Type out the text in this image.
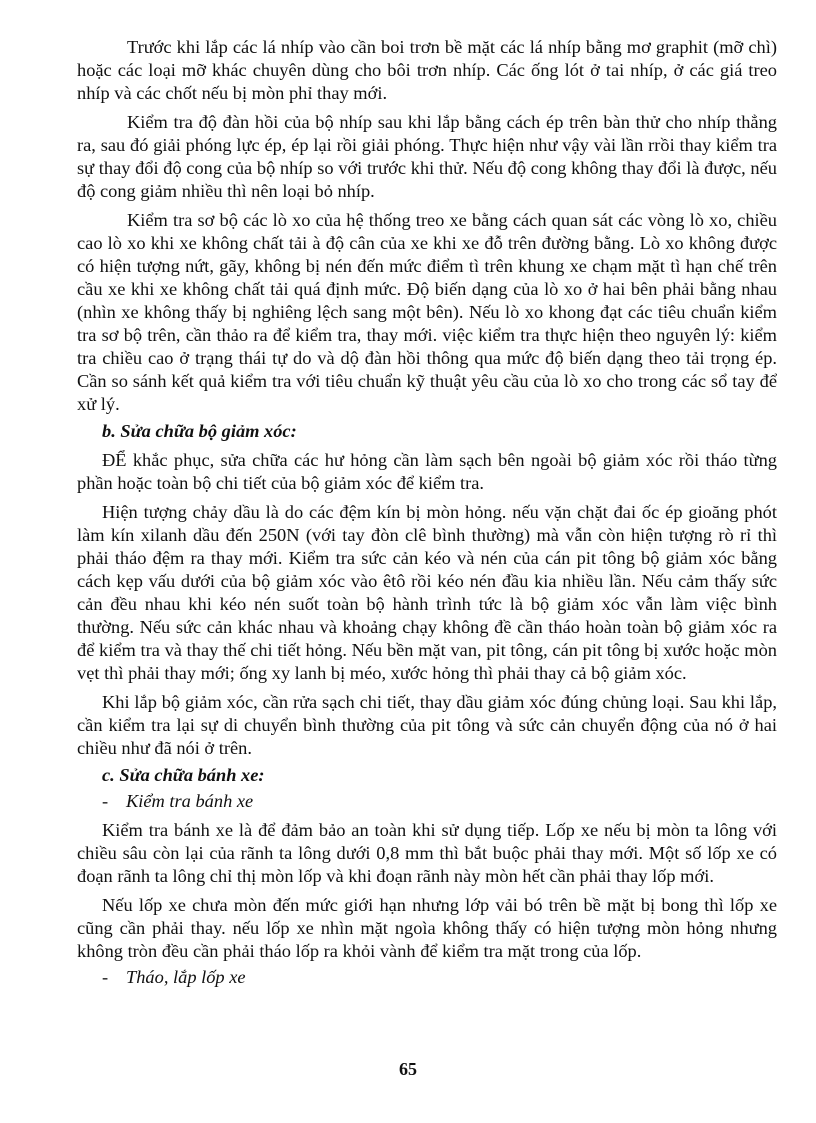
Trước khi lắp các lá nhíp vào cần boi trơn bề mặt các lá nhíp bằng mơ graphit (mỡ chì) hoặc các loại mỡ khác chuyên dùng cho bôi trơn nhíp. Các ống lót ở tai nhíp, ở các giá treo nhíp và các chốt nếu bị mòn phỉ thay mới.

Kiểm tra độ đàn hồi của bộ nhíp sau khi lắp bằng cách ép trên bàn thử cho nhíp thẳng ra, sau đó giải phóng lực ép, ép lại rồi giải phóng. Thực hiện như vậy vài lần rrồi thay kiểm tra sự thay đổi độ cong của bộ nhíp so với trước khi thử. Nếu độ cong không thay đổi là được, nếu độ cong giảm nhiều thì nên loại bỏ nhíp.

Kiểm tra sơ bộ các lò xo của hệ thống treo xe bằng cách quan sát các vòng lò xo, chiều cao lò xo khi xe không chất tải à độ cân của xe khi xe đỗ trên đường bằng. Lò xo không được có hiện tượng nứt, gãy, không bị nén đến mức điểm tì trên khung xe chạm mặt tì hạn chế trên cầu xe khi xe không chất tải quá định mức. Độ biến dạng của lò xo ở hai bên phải bằng nhau (nhìn xe không thấy bị nghiêng lệch sang một bên). Nếu lò xo khong đạt các tiêu chuẩn kiểm tra sơ bộ trên, cần thảo ra để kiểm tra, thay mới. việc kiểm tra thực hiện theo nguyên lý: kiểm tra chiều cao ở trạng thái tự do và dộ đàn hồi thông qua mức độ biến dạng theo tải trọng ép. Cần so sánh kết quả kiểm tra với tiêu chuẩn kỹ thuật yêu cầu của lò xo cho trong các sổ tay để xử lý.

b. Sửa chữa bộ giảm xóc:

ĐỂ khắc phục, sửa chữa các hư hỏng cần làm sạch bên ngoài bộ giảm xóc rồi tháo từng phần hoặc toàn bộ chi tiết của bộ giảm xóc để kiểm tra.

Hiện tượng chảy dầu là do các đệm kín bị mòn hỏng. nếu vặn chặt đai ốc ép gioăng phót làm kín xilanh dầu đến 250N (với tay đòn clê bình thường) mà vẫn còn hiện tượng rò rỉ thì phải tháo đệm ra thay mới. Kiểm tra sức cản kéo và nén của cán pit tông bộ giảm xóc bằng cách kẹp vấu dưới của bộ giảm xóc vào êtô rồi kéo nén đầu kia nhiều lần. Nếu cảm thấy sức cản đều nhau khi kéo nén suốt toàn bộ hành trình tức là bộ giảm xóc vẫn làm việc bình thường. Nếu sức cản khác nhau và khoảng chạy không đề cần tháo hoàn toàn bộ giảm xóc ra để kiểm tra và thay thế chi tiết hỏng. Nếu bền mặt van, pit tông, cán pit tông bị xước hoặc mòn vẹt thì phải thay mới; ống xy lanh bị méo, xước hỏng thì phải thay cả bộ giảm xóc.

Khi lắp bộ giảm xóc, cần rửa sạch chi tiết, thay dầu giảm xóc đúng chủng loại. Sau khi lắp, cần kiểm tra lại sự di chuyển bình thường của pit tông và sức cản chuyển động của nó ở hai chiều như đã nói ở trên.

c. Sửa chữa bánh xe:
- Kiểm tra bánh xe

Kiểm tra bánh xe là để đảm bảo an toàn khi sử dụng tiếp. Lốp xe nếu bị mòn ta lông với chiều sâu còn lại của rãnh ta lông dưới 0,8 mm thì bắt buộc phải thay mới. Một số lốp xe có đoạn rãnh ta lông chỉ thị mòn lốp và khi đoạn rãnh này mòn hết cần phải thay lốp mới.

Nếu lốp xe chưa mòn đến mức giới hạn nhưng lớp vải bó trên bề mặt bị bong thì lốp xe cũng cần phải thay. nếu lốp xe nhìn mặt ngoìa không thấy có hiện tượng mòn hỏng nhưng không tròn đều cần phải tháo lốp ra khỏi vành để kiểm tra mặt trong của lốp.

- Tháo, lắp lốp xe
65
